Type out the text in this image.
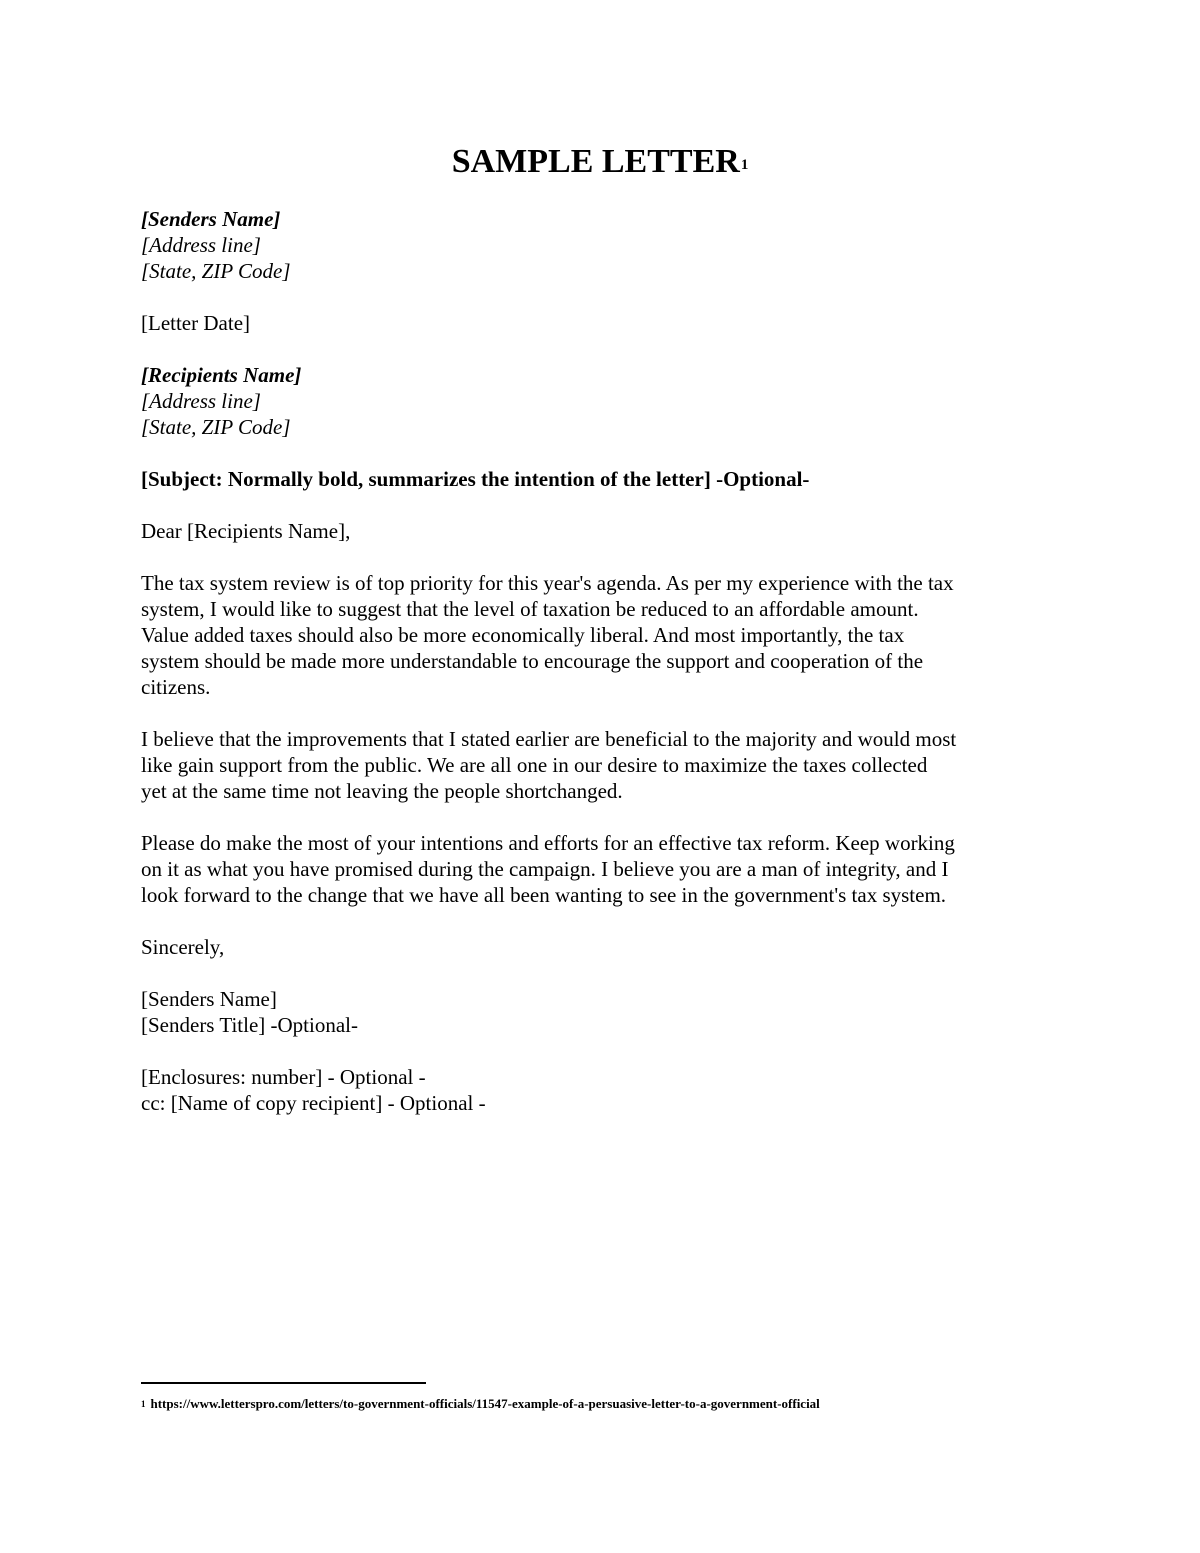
SAMPLE LETTER$^1$
[Senders Name]
[Address line]
[State, ZIP Code]
[Letter Date]
[Recipients Name]
[Address line]
[State, ZIP Code]
[Subject: Normally bold, summarizes the intention of the letter] -Optional-
Dear [Recipients Name],
The tax system review is of top priority for this year's agenda. As per my experience with the tax
system, I would like to suggest that the level of taxation be reduced to an affordable amount.
Value added taxes should also be more economically liberal. And most importantly, the tax
system should be made more understandable to encourage the support and cooperation of the
citizens.
I believe that the improvements that I stated earlier are beneficial to the majority and would most
like gain support from the public. We are all one in our desire to maximize the taxes collected
yet at the same time not leaving the people shortchanged.
Please do make the most of your intentions and efforts for an effective tax reform. Keep working
on it as what you have promised during the campaign. I believe you are a man of integrity, and I
look forward to the change that we have all been wanting to see in the government's tax system.
Sincerely,
[Senders Name]
[Senders Title] -Optional-
[Enclosures: number] - Optional -
cc: [Name of copy recipient] - Optional -
$^1$ https://www.letterspro.com/letters/to-government-officials/11547-example-of-a-persuasive-letter-to-a-government-official
